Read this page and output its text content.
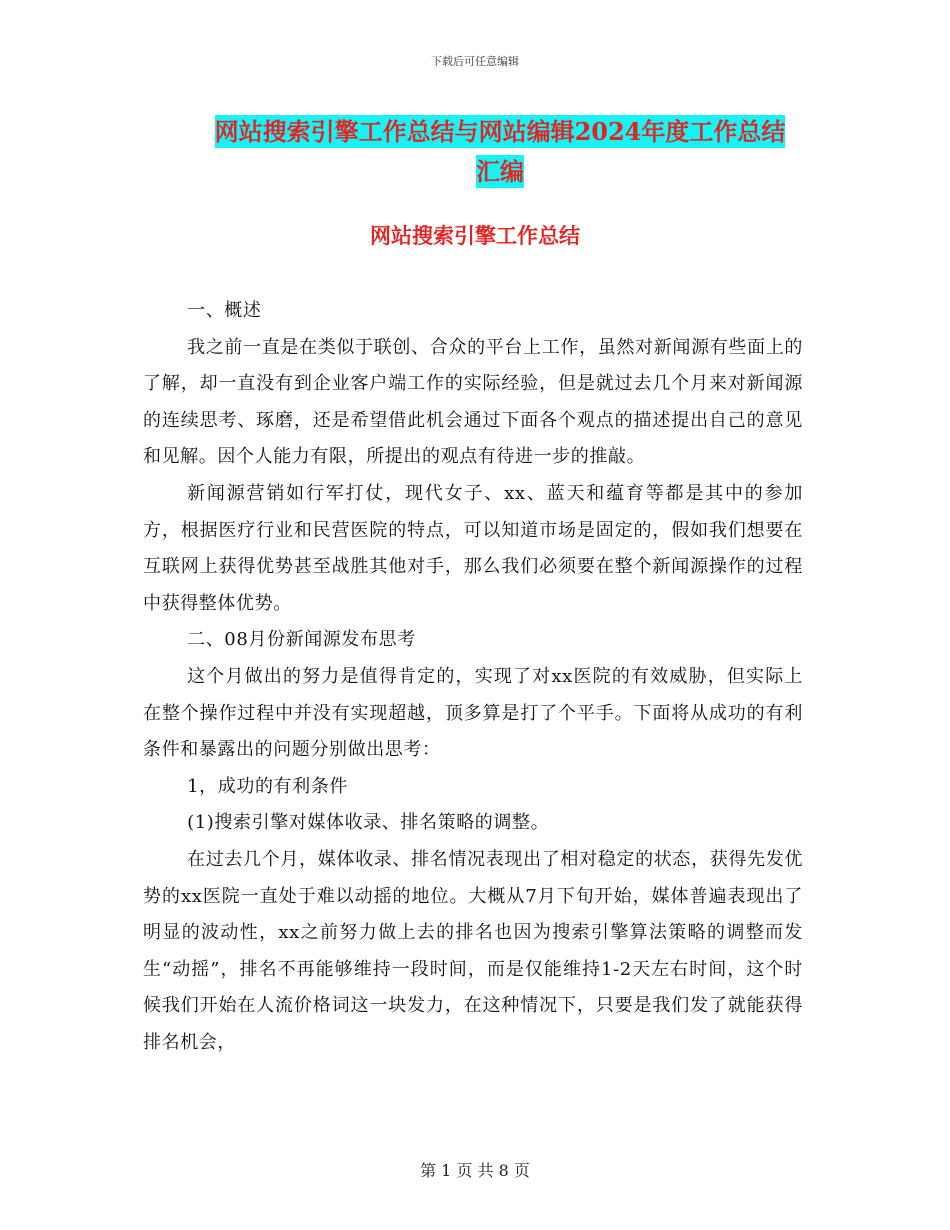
下载后可任意编辑
网站搜索引擎工作总结与网站编辑2024年度工作总结
汇编
网站搜索引擎工作总结

一、概述

我之前一直是在类似于联创、合众的平台上工作，虽然对新闻源有些面上的了解，却一直没有到企业客户端工作的实际经验，但是就过去几个月来对新闻源的连续思考、琢磨，还是希望借此机会通过下面各个观点的描述提出自己的意见和见解。因个人能力有限，所提出的观点有待进一步的推敲。

新闻源营销如行军打仗，现代女子、xx、蓝天和蕴育等都是其中的参加方，根据医疗行业和民营医院的特点，可以知道市场是固定的，假如我们想要在互联网上获得优势甚至战胜其他对手，那么我们必须要在整个新闻源操作的过程中获得整体优势。

二、08月份新闻源发布思考

这个月做出的努力是值得肯定的，实现了对xx医院的有效威胁，但实际上在整个操作过程中并没有实现超越，顶多算是打了个平手。下面将从成功的有利条件和暴露出的问题分别做出思考：

1，成功的有利条件

(1)搜索引擎对媒体收录、排名策略的调整。

在过去几个月，媒体收录、排名情况表现出了相对稳定的状态，获得先发优势的xx医院一直处于难以动摇的地位。大概从7月下旬开始，媒体普遍表现出了明显的波动性，xx之前努力做上去的排名也因为搜索引擎算法策略的调整而发生“动摇”，排名不再能够维持一段时间，而是仅能维持1-2天左右时间，这个时候我们开始在人流价格词这一块发力，在这种情况下，只要是我们发了就能获得排名机会，

第 1 页 共 8 页
